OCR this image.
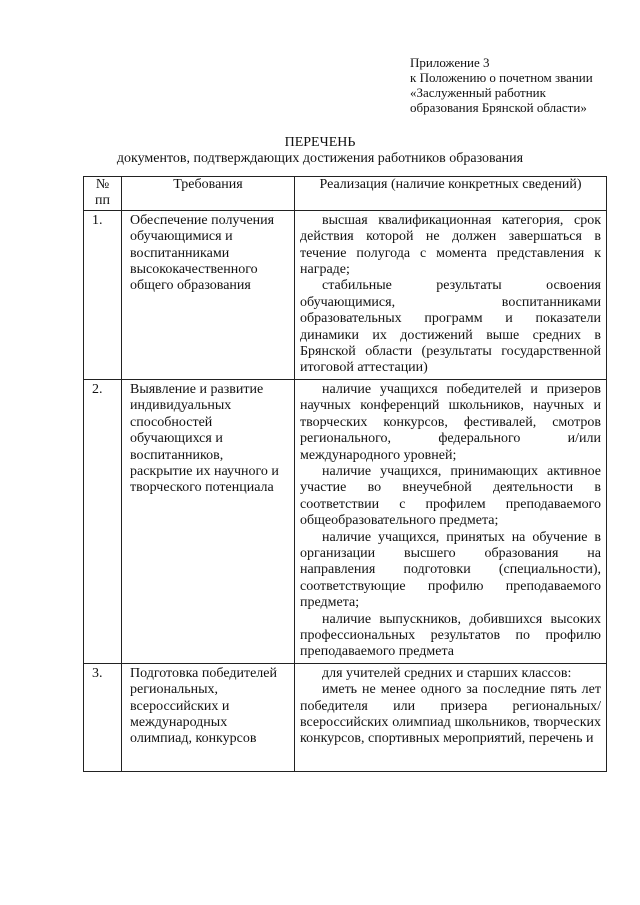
Приложение 3
к Положению о почетном звании
«Заслуженный работник
образования Брянской области»
ПЕРЕЧЕНЬ
документов, подтверждающих достижения работников образования
№
пп	Требования	Реализация (наличие конкретных сведений)

1.	Обеспечение получения обучающимися и воспитанниками высококачественного общего образования	высшая квалификационная категория, срок действия которой не должен завершаться в течение полугода с момента представления к награде;

стабильные результаты освоения обучающимися, воспитанниками образовательных программ и показатели динамики их достижений выше средних в Брянской области (результаты государственной итоговой аттестации)

2.	Выявление и развитие индивидуальных способностей обучающихся и воспитанников, раскрытие их научного и творческого потенциала	наличие учащихся победителей и призеров научных конференций школьников, научных и творческих конкурсов, фестивалей, смотров регионального, федерального и/или международного уровней;

наличие учащихся, принимающих активное участие во внеучебной деятельности в соответствии с профилем преподаваемого общеобразовательного предмета;

наличие учащихся, принятых на обучение в организации высшего образования на направления подготовки (специальности), соответствующие профилю преподаваемого предмета;

наличие выпускников, добившихся высоких профессиональных результатов по профилю преподаваемого предмета

3.	Подготовка победителей региональных, всероссийских и международных олимпиад, конкурсов	для учителей средних и старших классов:

иметь не менее одного за последние пять лет победителя или призера региональных/всероссийских олимпиад школьников, творческих конкурсов, спортивных мероприятий, перечень и
